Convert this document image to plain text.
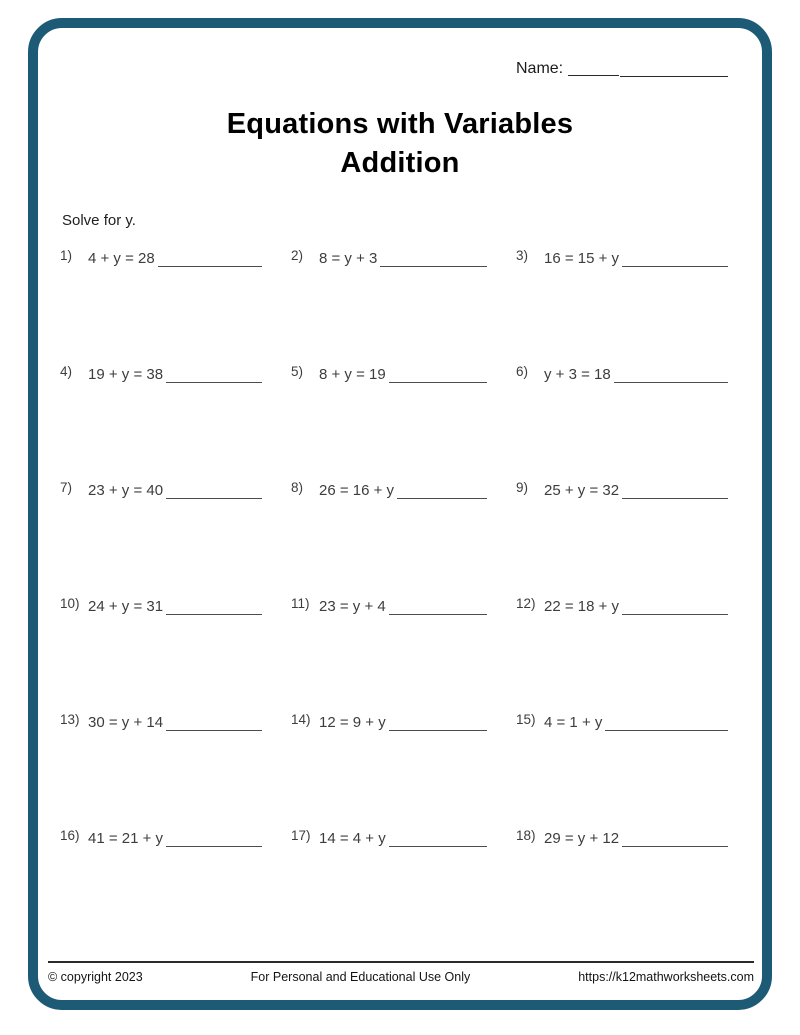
Name:
Equations with Variables
Addition
Solve for y.
1)	4 + y = 28	2)	8 = y + 3	3)	16 = 15 + y
4)	19 + y = 38	5)	8 + y = 19	6)	y + 3 = 18
7)	23 + y = 40	8)	26 = 16 + y	9)	25 + y = 32
10) 24 + y = 31	11) 23 = y + 4	12) 22 = 18 + y
13) 30 = y + 14	14) 12 = 9 + y	15) 4 = 1 + y
16) 41 = 21 + y	17) 14 = 4 + y	18) 29 = y + 12
© copyright 2023	For Personal and Educational Use Only	https://k12mathworksheets.com
